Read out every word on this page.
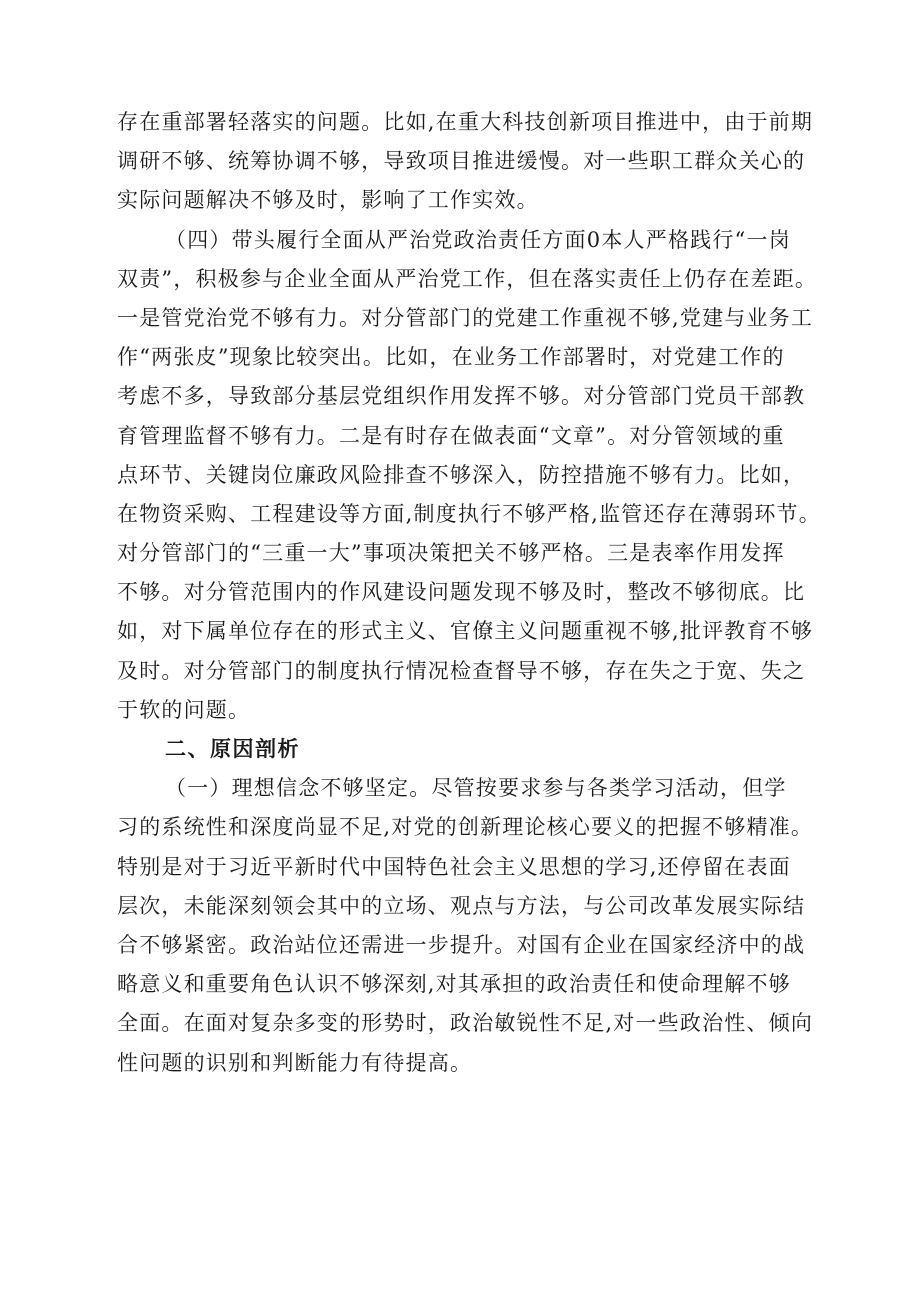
存在重部署轻落实的问题。比如,在重大科技创新项目推进中，由于前期
调研不够、统筹协调不够，导致项目推进缓慢。对一些职工群众关心的
实际问题解决不够及时，影响了工作实效。
（四）带头履行全面从严治党政治责任方面0本人严格践行“一岗
双责”，积极参与企业全面从严治党工作，但在落实责任上仍存在差距。
一是管党治党不够有力。对分管部门的党建工作重视不够,党建与业务工
作“两张皮”现象比较突出。比如，在业务工作部署时，对党建工作的
考虑不多，导致部分基层党组织作用发挥不够。对分管部门党员干部教
育管理监督不够有力。二是有时存在做表面“文章”。对分管领域的重
点环节、关键岗位廉政风险排查不够深入，防控措施不够有力。比如，
在物资采购、工程建设等方面,制度执行不够严格,监管还存在薄弱环节。
对分管部门的“三重一大”事项决策把关不够严格。三是表率作用发挥
不够。对分管范围内的作风建设问题发现不够及时，整改不够彻底。比
如，对下属单位存在的形式主义、官僚主义问题重视不够,批评教育不够
及时。对分管部门的制度执行情况检查督导不够，存在失之于宽、失之
于软的问题。
二、原因剖析
（一）理想信念不够坚定。尽管按要求参与各类学习活动，但学
习的系统性和深度尚显不足,对党的创新理论核心要义的把握不够精准。
特别是对于习近平新时代中国特色社会主义思想的学习,还停留在表面
层次，未能深刻领会其中的立场、观点与方法，与公司改革发展实际结
合不够紧密。政治站位还需进一步提升。对国有企业在国家经济中的战
略意义和重要角色认识不够深刻,对其承担的政治责任和使命理解不够
全面。在面对复杂多变的形势时，政治敏锐性不足,对一些政治性、倾向
性问题的识别和判断能力有待提高。
